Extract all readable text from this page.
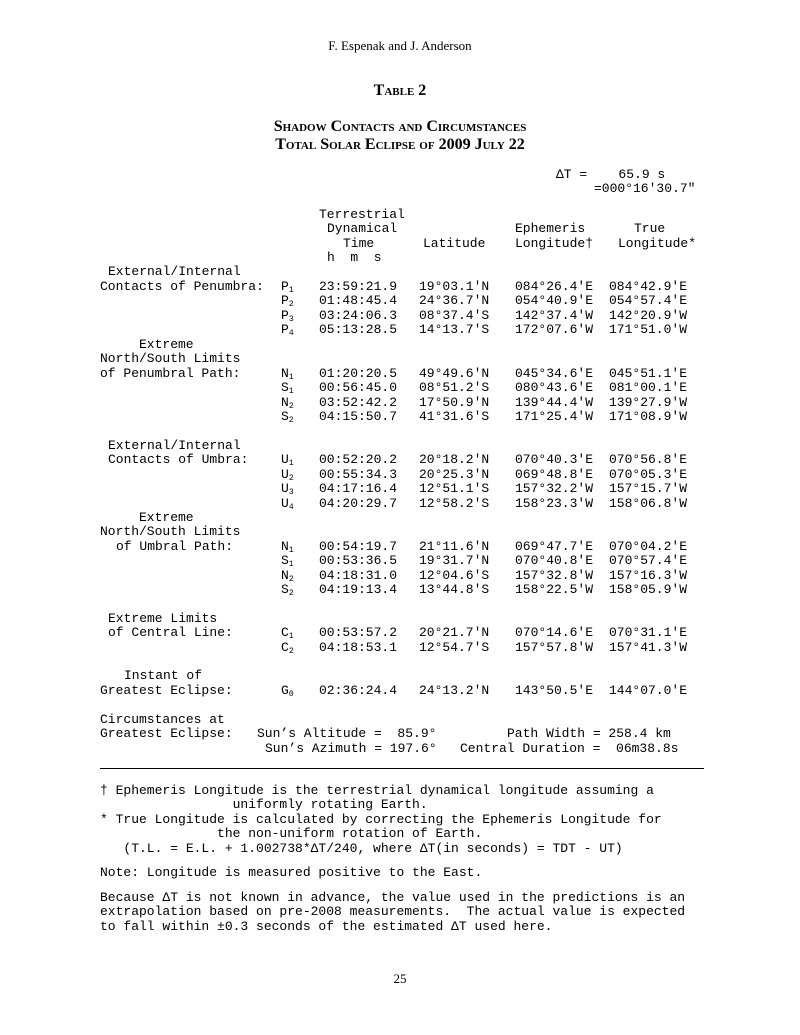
F. Espenak and J. Anderson
Table 2
Shadow Contacts and Circumstances
Total Solar Eclipse of 2009 July 22
ΔT =    65.9 s
=000°16'30.7"
Terrestrial
Dynamical
Time
h  m  s
Latitude
Ephemeris
Longitude†
True
Longitude*
External/Internal
Contacts of Penumbra:
Extreme
North/South Limits
of Penumbral Path:
External/Internal
Contacts of Umbra:
Extreme
North/South Limits
of Umbral Path:
Extreme Limits
of Central Line:
Instant of
Greatest Eclipse:
$P_1$ 23:59:21.9 19°03.1'N 084°26.4'E 084°42.9'E
$P_2$ 01:48:45.4 24°36.7'N 054°40.9'E 054°57.4'E
$P_3$ 03:24:06.3 08°37.4'S 142°37.4'W 142°20.9'W
$P_4$ 05:13:28.5 14°13.7'S 172°07.6'W 171°51.0'W
$N_1$ 01:20:20.5 49°49.6'N 045°34.6'E 045°51.1'E
$S_1$ 00:56:45.0 08°51.2'S 080°43.6'E 081°00.1'E
$N_2$ 03:52:42.2 17°50.9'N 139°44.4'W 139°27.9'W
$S_2$ 04:15:50.7 41°31.6'S 171°25.4'W 171°08.9'W
$U_1$ 00:52:20.2 20°18.2'N 070°40.3'E 070°56.8'E
$U_2$ 00:55:34.3 20°25.3'N 069°48.8'E 070°05.3'E
$U_3$ 04:17:16.4 12°51.1'S 157°32.2'W 157°15.7'W
$U_4$ 04:20:29.7 12°58.2'S 158°23.3'W 158°06.8'W
$N_1$ 00:54:19.7 21°11.6'N 069°47.7'E 070°04.2'E
$S_1$ 00:53:36.5 19°31.7'N 070°40.8'E 070°57.4'E
$N_2$ 04:18:31.0 12°04.6'S 157°32.8'W 157°16.3'W
$S_2$ 04:19:13.4 13°44.8'S 158°22.5'W 158°05.9'W
$C_1$ 00:53:57.2 20°21.7'N 070°14.6'E 070°31.1'E
$C_2$ 04:18:53.1 12°54.7'S 157°57.8'W 157°41.3'W
$G_0$ 02:36:24.4 24°13.2'N 143°50.5'E 144°07.0'E
Circumstances at
Greatest Eclipse: Sun’s Altitude =  85.9°
Sun’s Azimuth = 197.6°
Path Width = 258.4 km
Central Duration =  06m38.8s
† Ephemeris Longitude is the terrestrial dynamical longitude assuming a
uniformly rotating Earth.
* True Longitude is calculated by correcting the Ephemeris Longitude for
the non-uniform rotation of Earth.
(T.L. = E.L. + 1.002738*ΔT/240, where ΔT(in seconds) = TDT - UT)
Note: Longitude is measured positive to the East.
Because ΔT is not known in advance, the value used in the predictions is an
extrapolation based on pre-2008 measurements.  The actual value is expected
to fall within ±0.3 seconds of the estimated ΔT used here.
25
